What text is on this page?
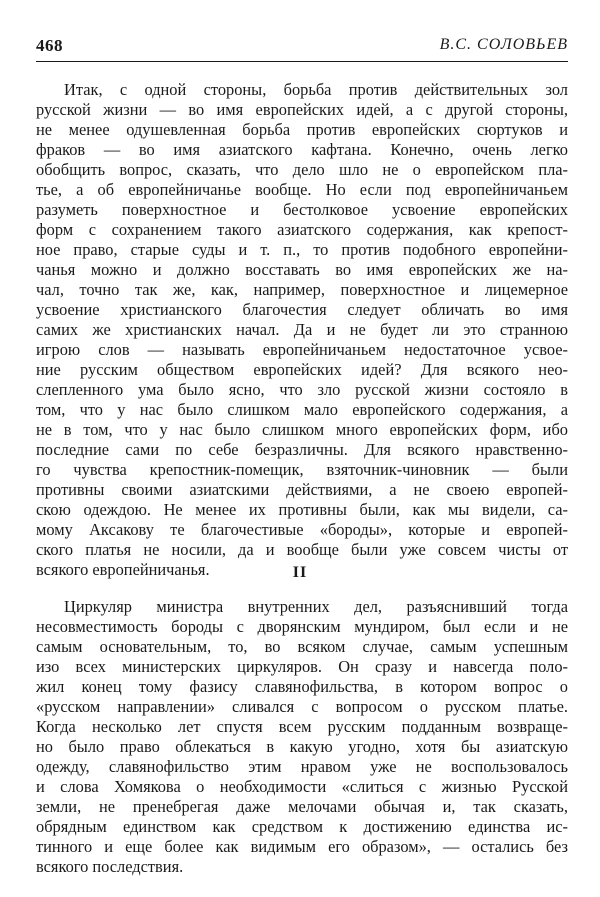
468	В.С. СОЛОВЬЕВ
Итак, с одной стороны, борьба против действительных зол
русской жизни — во имя европейских идей, а с другой стороны,
не менее одушевленная борьба против европейских сюртуков и
фраков — во имя азиатского кафтана. Конечно, очень легко
обобщить вопрос, сказать, что дело шло не о европейском пла-
тье, а об европейничанье вообще. Но если под европейничаньем
разуметь поверхностное и бестолковое усвоение европейских
форм с сохранением такого азиатского содержания, как крепост-
ное право, старые суды и т. п., то против подобного европейни-
чанья можно и должно восставать во имя европейских же на-
чал, точно так же, как, например, поверхностное и лицемерное
усвоение христианского благочестия следует обличать во имя
самих же христианских начал. Да и не будет ли это странною
игрою слов — называть европейничаньем недостаточное усвое-
ние русским обществом европейских идей? Для всякого нео-
слепленного ума было ясно, что зло русской жизни состояло в
том, что у нас было слишком мало европейского содержания, а
не в том, что у нас было слишком много европейских форм, ибо
последние сами по себе безразличны. Для всякого нравственно-
го чувства крепостник-помещик, взяточник-чиновник — были
противны своими азиатскими действиями, а не своею европей-
скою одеждою. Не менее их противны были, как мы видели, са-
мому Аксакову те благочестивые «бороды», которые и европей-
ского платья не носили, да и вообще были уже совсем чисты от
всякого европейничанья.	II
Циркуляр министра внутренних дел, разъяснивший тогда
несовместимость бороды с дворянским мундиром, был если и не
самым основательным, то, во всяком случае, самым успешным
изо всех министерских циркуляров. Он сразу и навсегда поло-
жил конец тому фазису славянофильства, в котором вопрос о
«русском направлении» сливался с вопросом о русском платье.
Когда несколько лет спустя всем русским подданным возвраще-
но было право облекаться в какую угодно, хотя бы азиатскую
одежду, славянофильство этим нравом уже не воспользовалось
и слова Хомякова о необходимости «слиться с жизнью Русской
земли, не пренебрегая даже мелочами обычая и, так сказать,
обрядным единством как средством к достижению единства ис-
тинного и еще более как видимым его образом», — остались без
всякого последствия.
